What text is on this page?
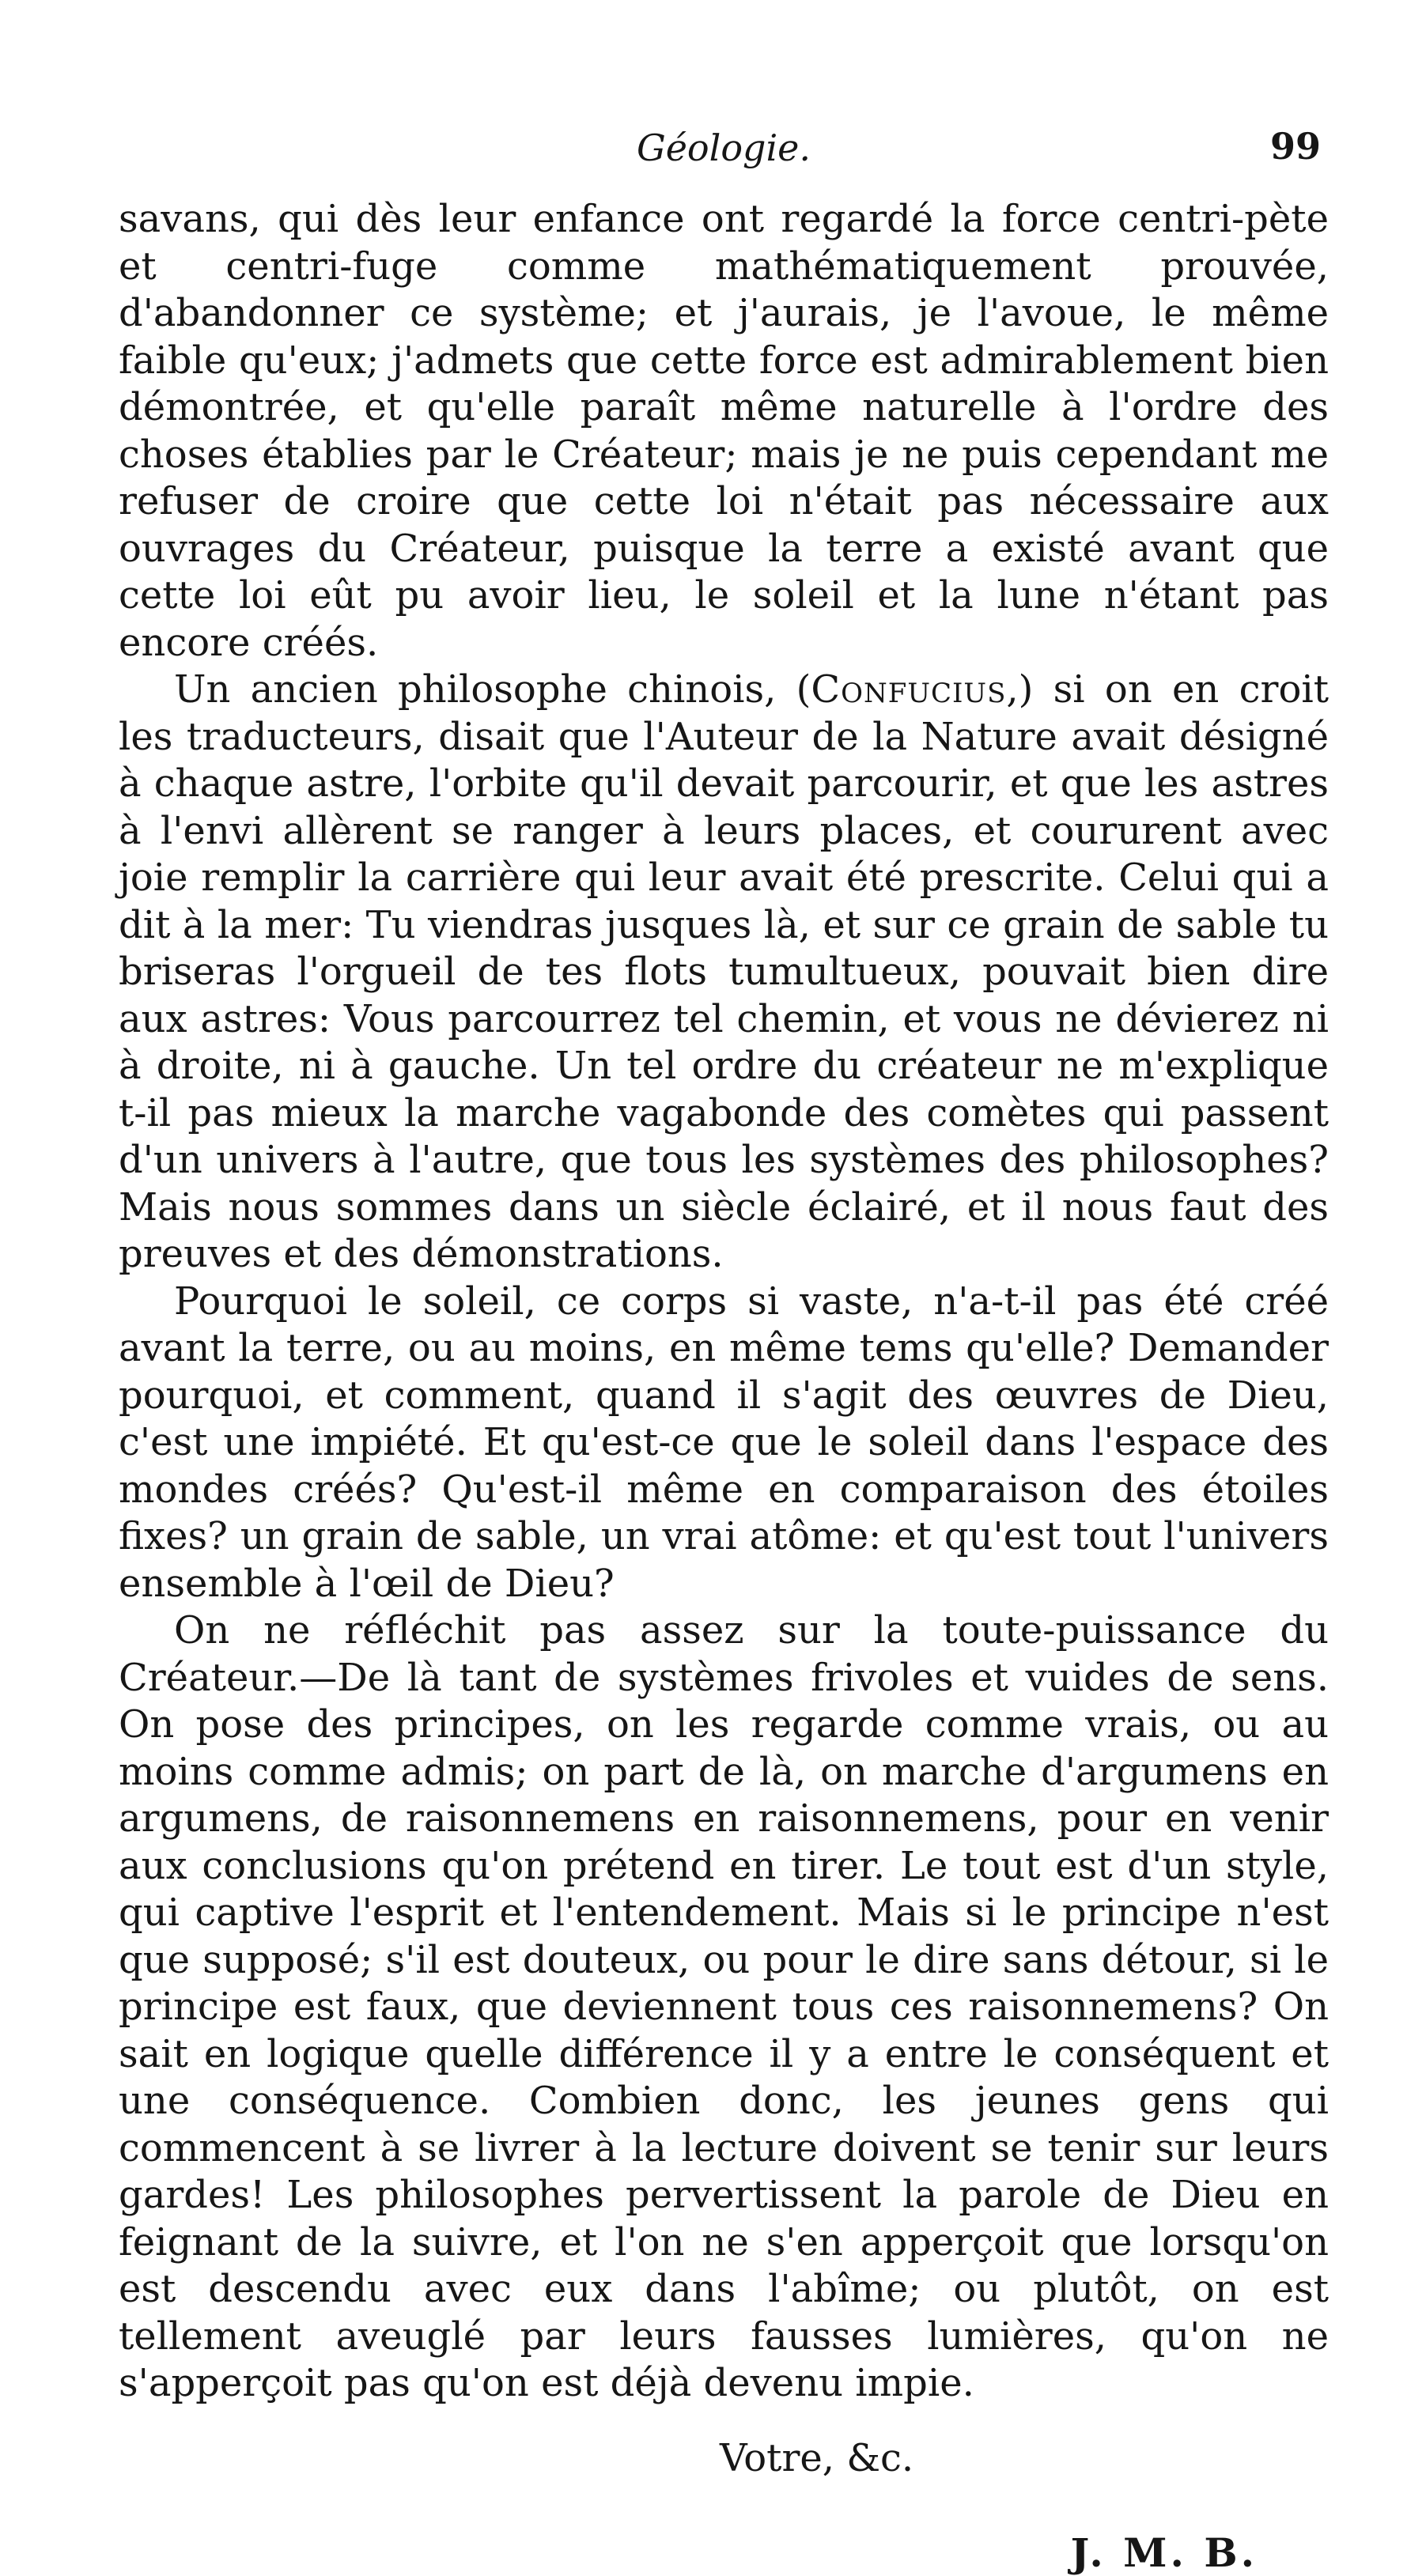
Géologie.	99

savans, qui dès leur enfance ont regardé la force centri-pète et centri-fuge comme mathématiquement prouvée, d'abandonner ce système; et j'aurais, je l'avoue, le même faible qu'eux; j'admets que cette force est admirablement bien démontrée, et qu'elle paraît même naturelle à l'ordre des choses établies par le Créateur; mais je ne puis cependant me refuser de croire que cette loi n'était pas nécessaire aux ouvrages du Créateur, puisque la terre a existé avant que cette loi eût pu avoir lieu, le soleil et la lune n'étant pas encore créés.

Un ancien philosophe chinois, (Confucius,) si on en croit les traducteurs, disait que l'Auteur de la Nature avait désigné à chaque astre, l'orbite qu'il devait parcourir, et que les astres à l'envi allèrent se ranger à leurs places, et coururent avec joie remplir la carrière qui leur avait été prescrite. Celui qui a dit à la mer: Tu viendras jusques là, et sur ce grain de sable tu briseras l'orgueil de tes flots tumultueux, pouvait bien dire aux astres: Vous parcourrez tel chemin, et vous ne dévierez ni à droite, ni à gauche. Un tel ordre du créateur ne m'explique t-il pas mieux la marche vagabonde des comètes qui passent d'un univers à l'autre, que tous les systèmes des philosophes? Mais nous sommes dans un siècle éclairé, et il nous faut des preuves et des démonstrations.

Pourquoi le soleil, ce corps si vaste, n'a-t-il pas été créé avant la terre, ou au moins, en même tems qu'elle? Demander pourquoi, et comment, quand il s'agit des œuvres de Dieu, c'est une impiété. Et qu'est-ce que le soleil dans l'espace des mondes créés? Qu'est-il même en comparaison des étoiles fixes? un grain de sable, un vrai atôme: et qu'est tout l'univers ensemble à l'œil de Dieu?

On ne réfléchit pas assez sur la toute-puissance du Créateur.—De là tant de systèmes frivoles et vuides de sens. On pose des principes, on les regarde comme vrais, ou au moins comme admis; on part de là, on marche d'argumens en argumens, de raisonnemens en raisonnemens, pour en venir aux conclusions qu'on prétend en tirer. Le tout est d'un style, qui captive l'esprit et l'entendement. Mais si le principe n'est que supposé; s'il est douteux, ou pour le dire sans détour, si le principe est faux, que deviennent tous ces raisonnemens? On sait en logique quelle différence il y a entre le conséquent et une conséquence. Combien donc, les jeunes gens qui commencent à se livrer à la lecture doivent se tenir sur leurs gardes! Les philosophes pervertissent la parole de Dieu en feignant de la suivre, et l'on ne s'en apperçoit que lorsqu'on est descendu avec eux dans l'abîme; ou plutôt, on est tellement aveuglé par leurs fausses lumières, qu'on ne s'apperçoit pas qu'on est déjà devenu impie.

Votre, &c.
J. M. B.
